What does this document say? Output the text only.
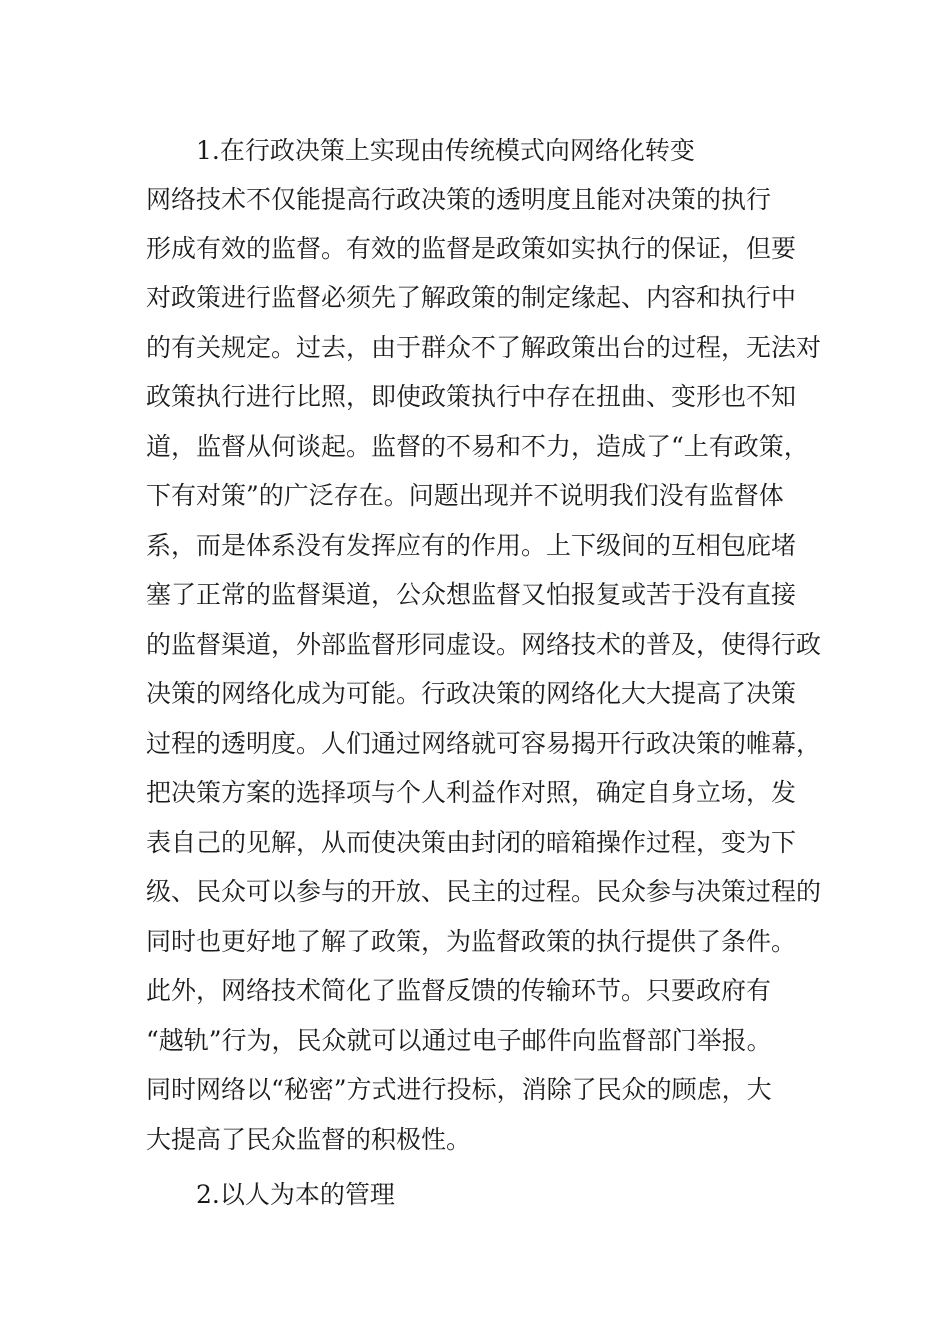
1.在行政决策上实现由传统模式向网络化转变
网络技术不仅能提高行政决策的透明度且能对决策的执行
形成有效的监督。有效的监督是政策如实执行的保证，但要
对政策进行监督必须先了解政策的制定缘起、内容和执行中
的有关规定。过去，由于群众不了解政策出台的过程，无法对
政策执行进行比照，即使政策执行中存在扭曲、变形也不知
道，监督从何谈起。监督的不易和不力，造成了“上有政策，
下有对策”的广泛存在。问题出现并不说明我们没有监督体
系，而是体系没有发挥应有的作用。上下级间的互相包庇堵
塞了正常的监督渠道，公众想监督又怕报复或苦于没有直接
的监督渠道，外部监督形同虚设。网络技术的普及，使得行政
决策的网络化成为可能。行政决策的网络化大大提高了决策
过程的透明度。人们通过网络就可容易揭开行政决策的帷幕，
把决策方案的选择项与个人利益作对照，确定自身立场，发
表自己的见解，从而使决策由封闭的暗箱操作过程，变为下
级、民众可以参与的开放、民主的过程。民众参与决策过程的
同时也更好地了解了政策，为监督政策的执行提供了条件。
此外，网络技术简化了监督反馈的传输环节。只要政府有
“越轨”行为，民众就可以通过电子邮件向监督部门举报。
同时网络以“秘密”方式进行投标，消除了民众的顾虑，大
大提高了民众监督的积极性。
2.以人为本的管理
